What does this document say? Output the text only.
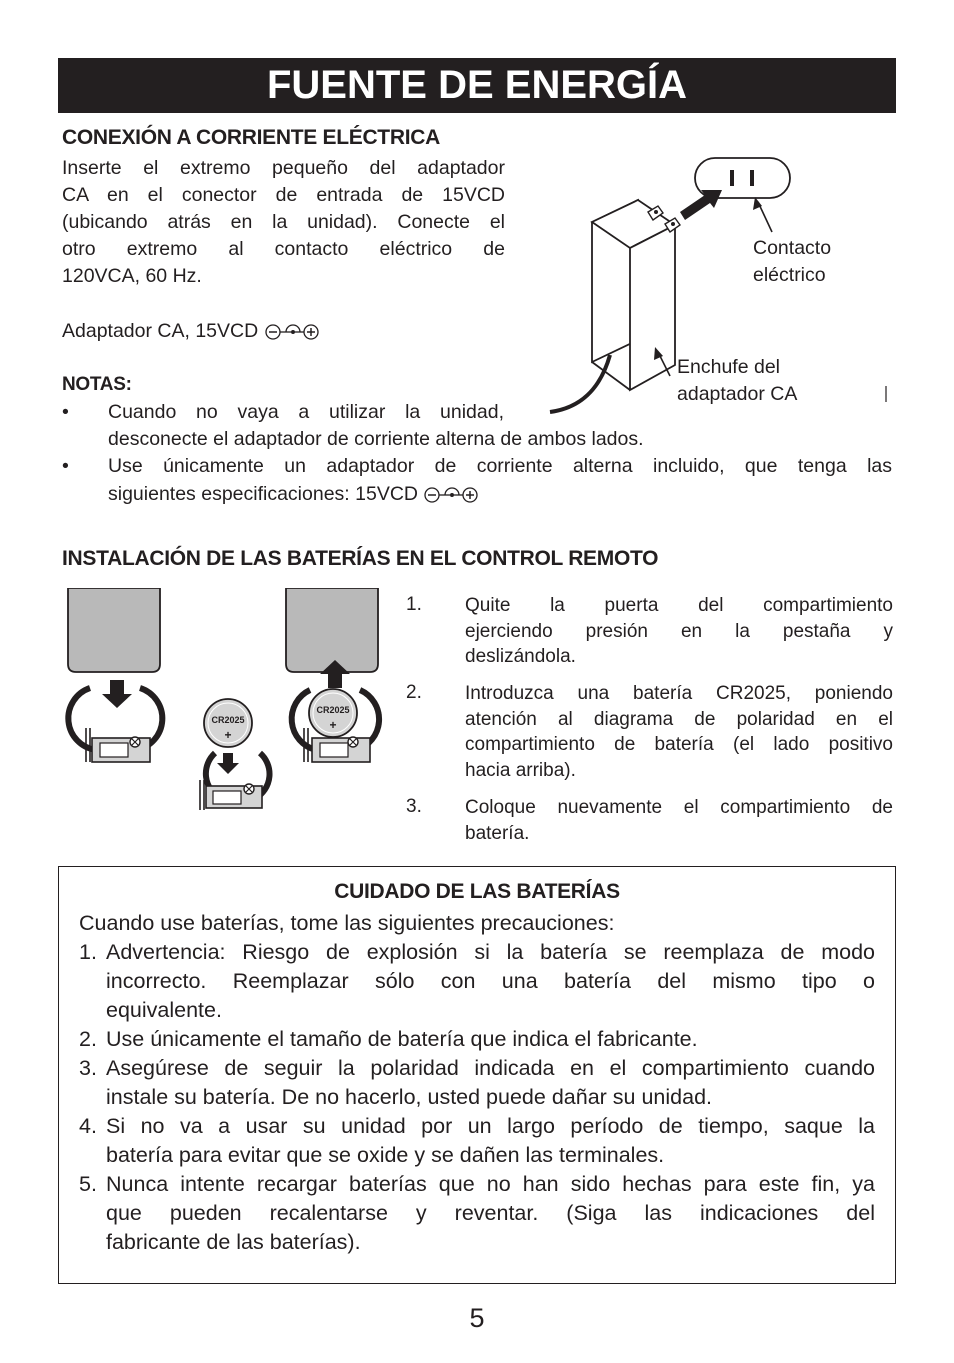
FUENTE DE ENERGÍA
CONEXIÓN A CORRIENTE ELÉCTRICA
Inserte el extremo pequeño del adaptador
CA en el conector de entrada de 15VCD
(ubicando atrás en la unidad). Conecte el
otro extremo al contacto eléctrico de
120VCA, 60 Hz.
Adaptador CA, 15VCD
NOTAS:
• Cuando no vaya a utilizar la unidad,
desconecte el adaptador de corriente alterna de ambos lados.
• Use únicamente un adaptador de corriente alterna incluido, que tenga las
siguientes especificaciones: 15VCD
Contacto
eléctrico
Enchufe del
adaptador CA
INSTALACIÓN DE LAS BATERÍAS EN EL CONTROL REMOTO
CR2025
+
CR2025
+
1. Quite la puerta del compartimiento
ejerciendo presión en la pestaña y
deslizándola.
2. Introduzca una batería CR2025, poniendo
atención al diagrama de polaridad en el
compartimiento de batería (el lado positivo
hacia arriba).
3. Coloque nuevamente el compartimiento de
batería.
CUIDADO DE LAS BATERÍAS
Cuando use baterías, tome las siguientes precauciones:
1. Advertencia: Riesgo de explosión si la batería se reemplaza de modo
incorrecto. Reemplazar sólo con una batería del mismo tipo o
equivalente.
2. Use únicamente el tamaño de batería que indica el fabricante.
3. Asegúrese de seguir la polaridad indicada en el compartimiento cuando
instale su batería. De no hacerlo, usted puede dañar su unidad.
4. Si no va a usar su unidad por un largo período de tiempo, saque la
batería para evitar que se oxide y se dañen las terminales.
5. Nunca intente recargar baterías que no han sido hechas para este fin, ya
que pueden recalentarse y reventar. (Siga las indicaciones del
fabricante de las baterías).
5
